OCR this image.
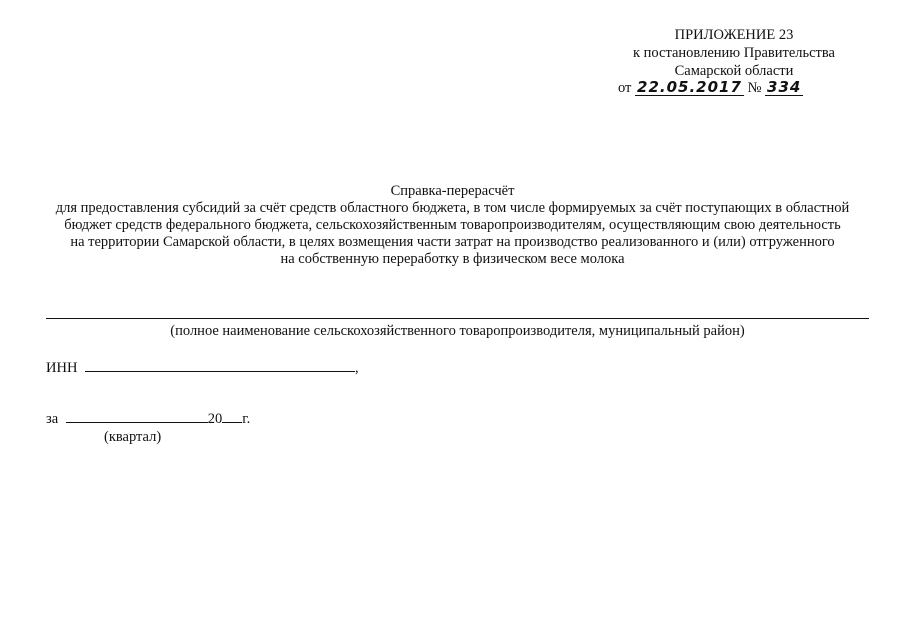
ПРИЛОЖЕНИЕ 23
к постановлению Правительства
Самарской области
от 22.05.2017 № 334
Справка-перерасчёт
для предоставления субсидий за счёт средств областного бюджета, в том числе формируемых за счёт поступающих в областной
бюджет средств федерального бюджета, сельскохозяйственным товаропроизводителям, осуществляющим свою деятельность
на территории Самарской области, в целях возмещения части затрат на производство реализованного и (или) отгруженного
на собственную переработку в физическом весе молока
(полное наименование сельскохозяйственного товаропроизводителя, муниципальный район)
ИНН	,
за	20 г.
(квартал)
